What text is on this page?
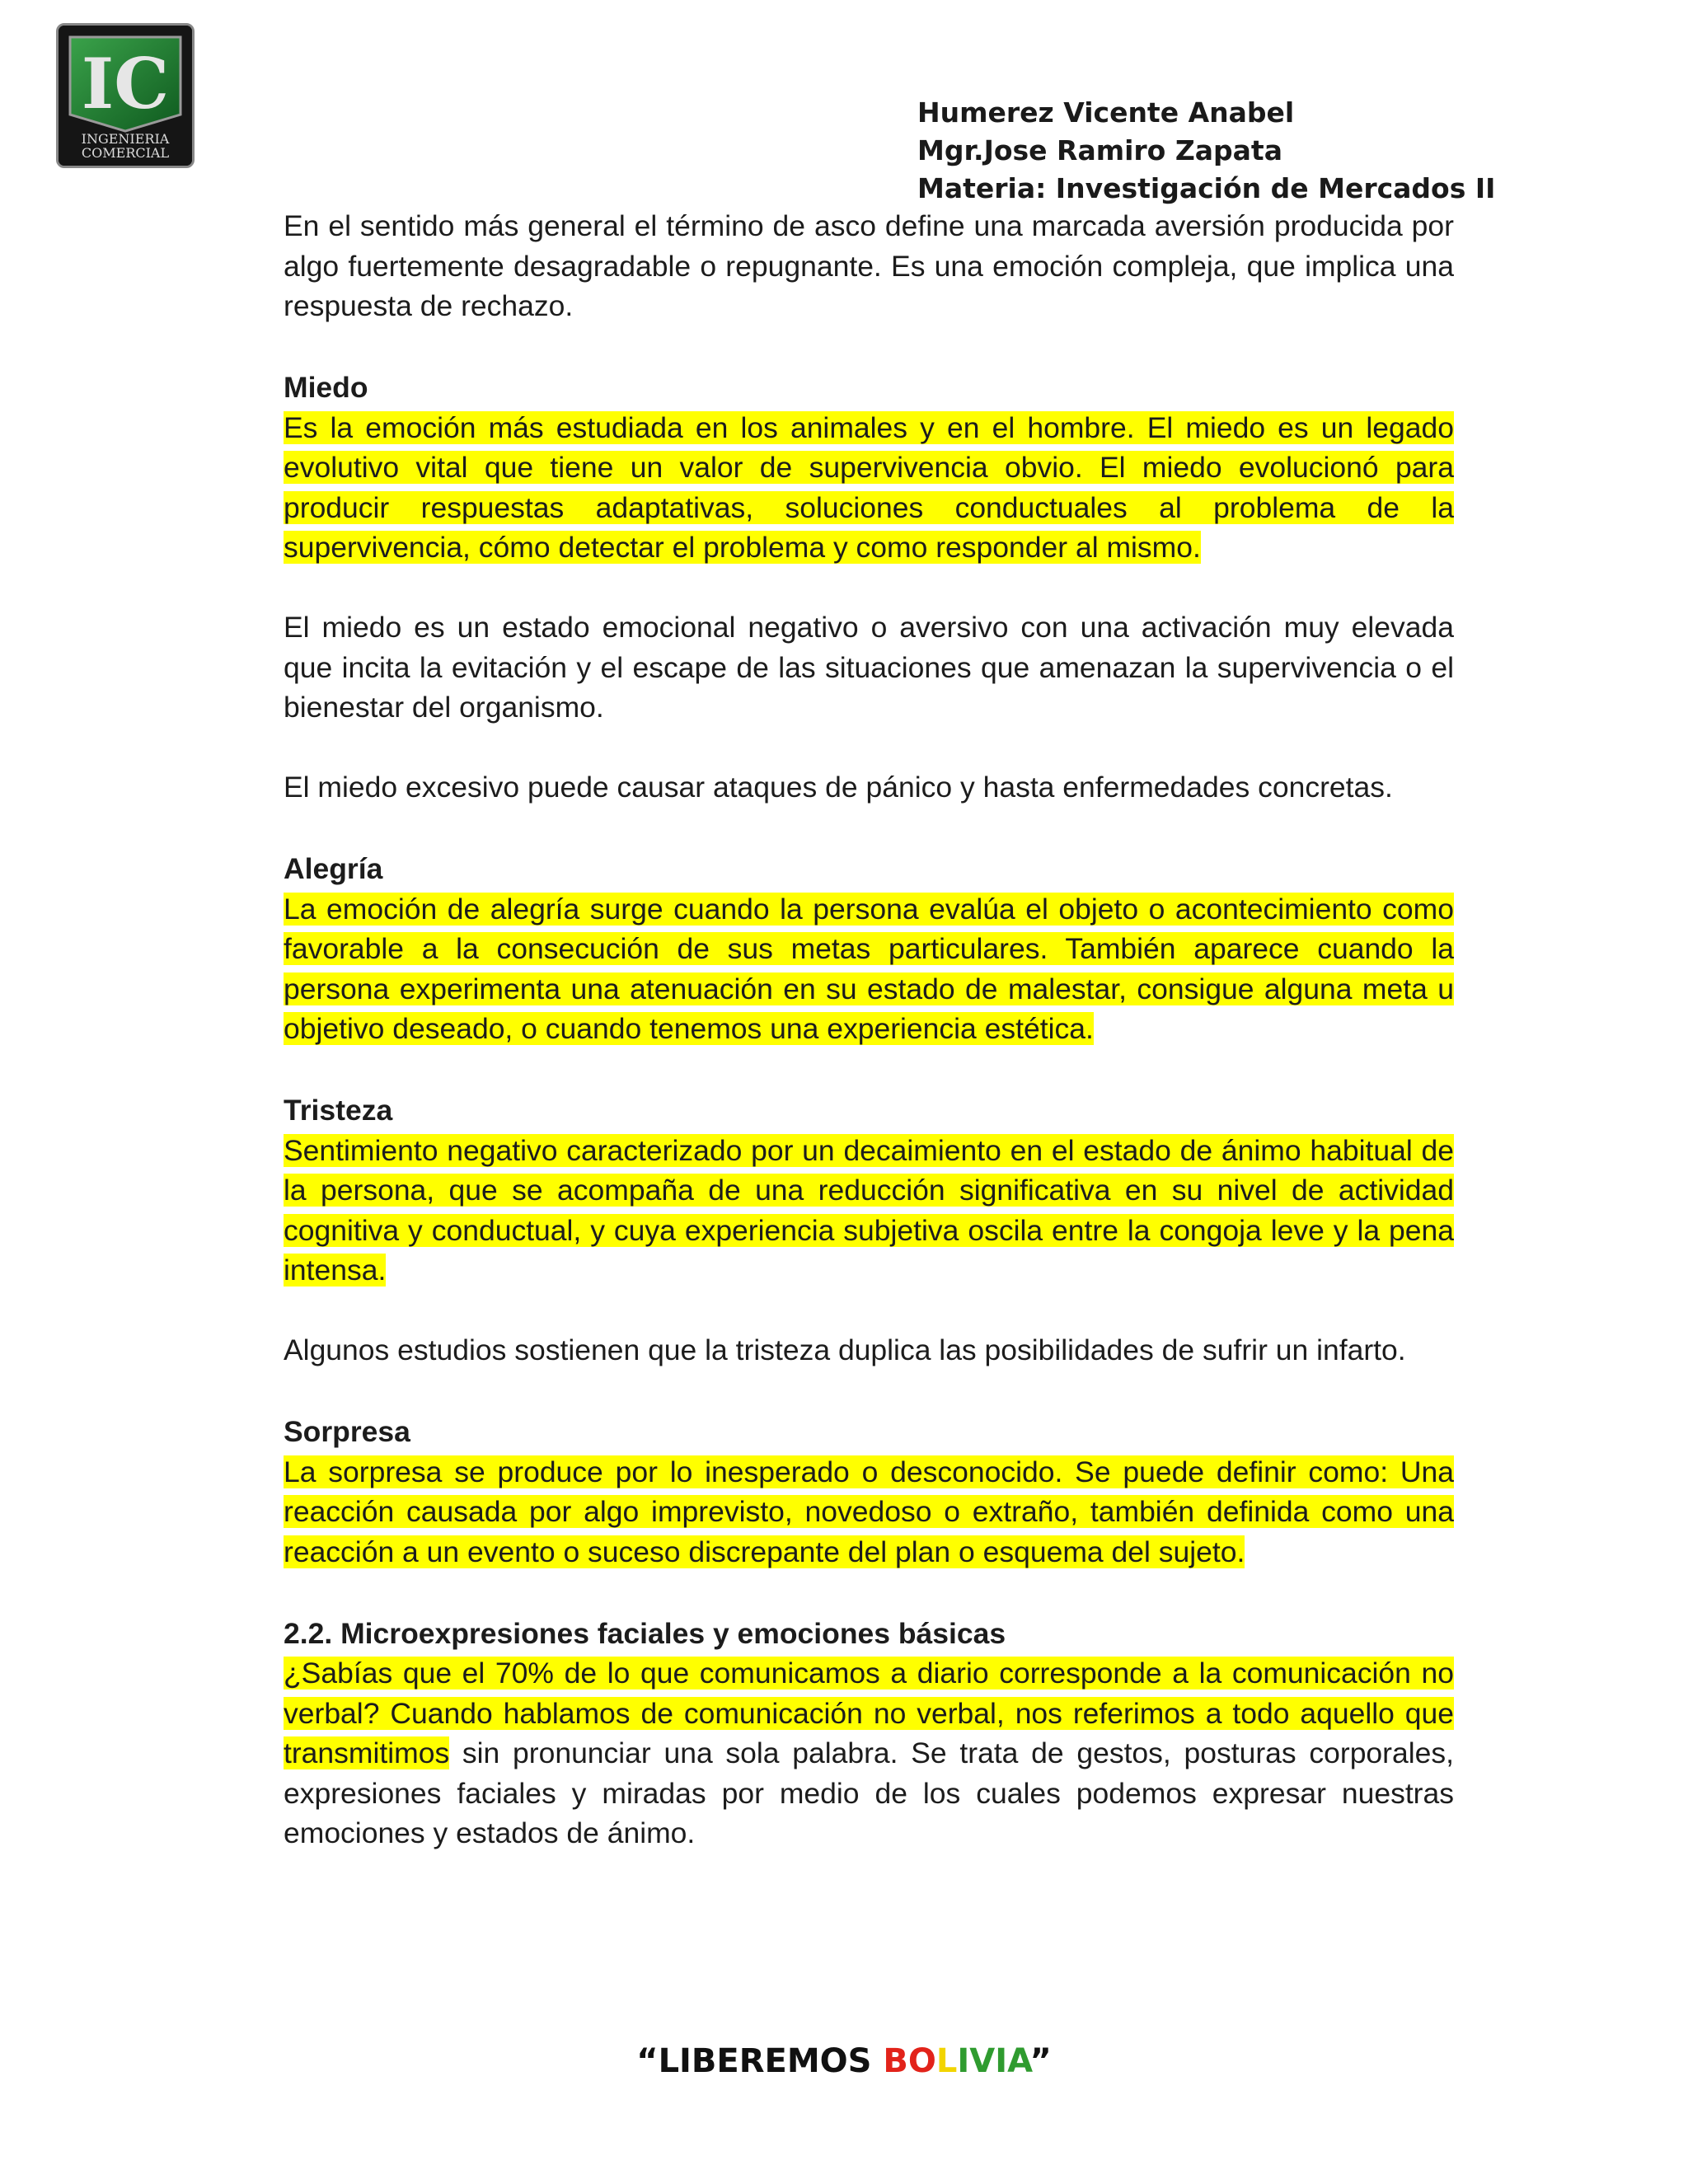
IC
INGENIERIA
COMERCIAL
Humerez Vicente Anabel
Mgr.Jose Ramiro Zapata
Materia: Investigación de Mercados II

En el sentido más general el término de asco define una marcada aversión producida por algo fuertemente desagradable o repugnante. Es una emoción compleja, que implica una respuesta de rechazo.

Miedo

Es la emoción más estudiada en los animales y en el hombre. El miedo es un legado evolutivo vital que tiene un valor de supervivencia obvio. El miedo evolucionó para producir respuestas adaptativas, soluciones conductuales al problema de la supervivencia, cómo detectar el problema y como responder al mismo.

El miedo es un estado emocional negativo o aversivo con una activación muy elevada que incita la evitación y el escape de las situaciones que amenazan la supervivencia o el bienestar del organismo.

El miedo excesivo puede causar ataques de pánico y hasta enfermedades concretas.

Alegría

La emoción de alegría surge cuando la persona evalúa el objeto o acontecimiento como favorable a la consecución de sus metas particulares. También aparece cuando la persona experimenta una atenuación en su estado de malestar, consigue alguna meta u objetivo deseado, o cuando tenemos una experiencia estética.

Tristeza

Sentimiento negativo caracterizado por un decaimiento en el estado de ánimo habitual de la persona, que se acompaña de una reducción significativa en su nivel de actividad cognitiva y conductual, y cuya experiencia subjetiva oscila entre la congoja leve y la pena intensa.

Algunos estudios sostienen que la tristeza duplica las posibilidades de sufrir un infarto.

Sorpresa

La sorpresa se produce por lo inesperado o desconocido. Se puede definir como: Una reacción causada por algo imprevisto, novedoso o extraño, también definida como una reacción a un evento o suceso discrepante del plan o esquema del sujeto.

2.2. Microexpresiones faciales y emociones básicas

¿Sabías que el 70% de lo que comunicamos a diario corresponde a la comunicación no verbal? Cuando hablamos de comunicación no verbal, nos referimos a todo aquello que transmitimos sin pronunciar una sola palabra. Se trata de gestos, posturas corporales, expresiones faciales y miradas por medio de los cuales podemos expresar nuestras emociones y estados de ánimo.

“LIBEREMOS BOLIVIA”
